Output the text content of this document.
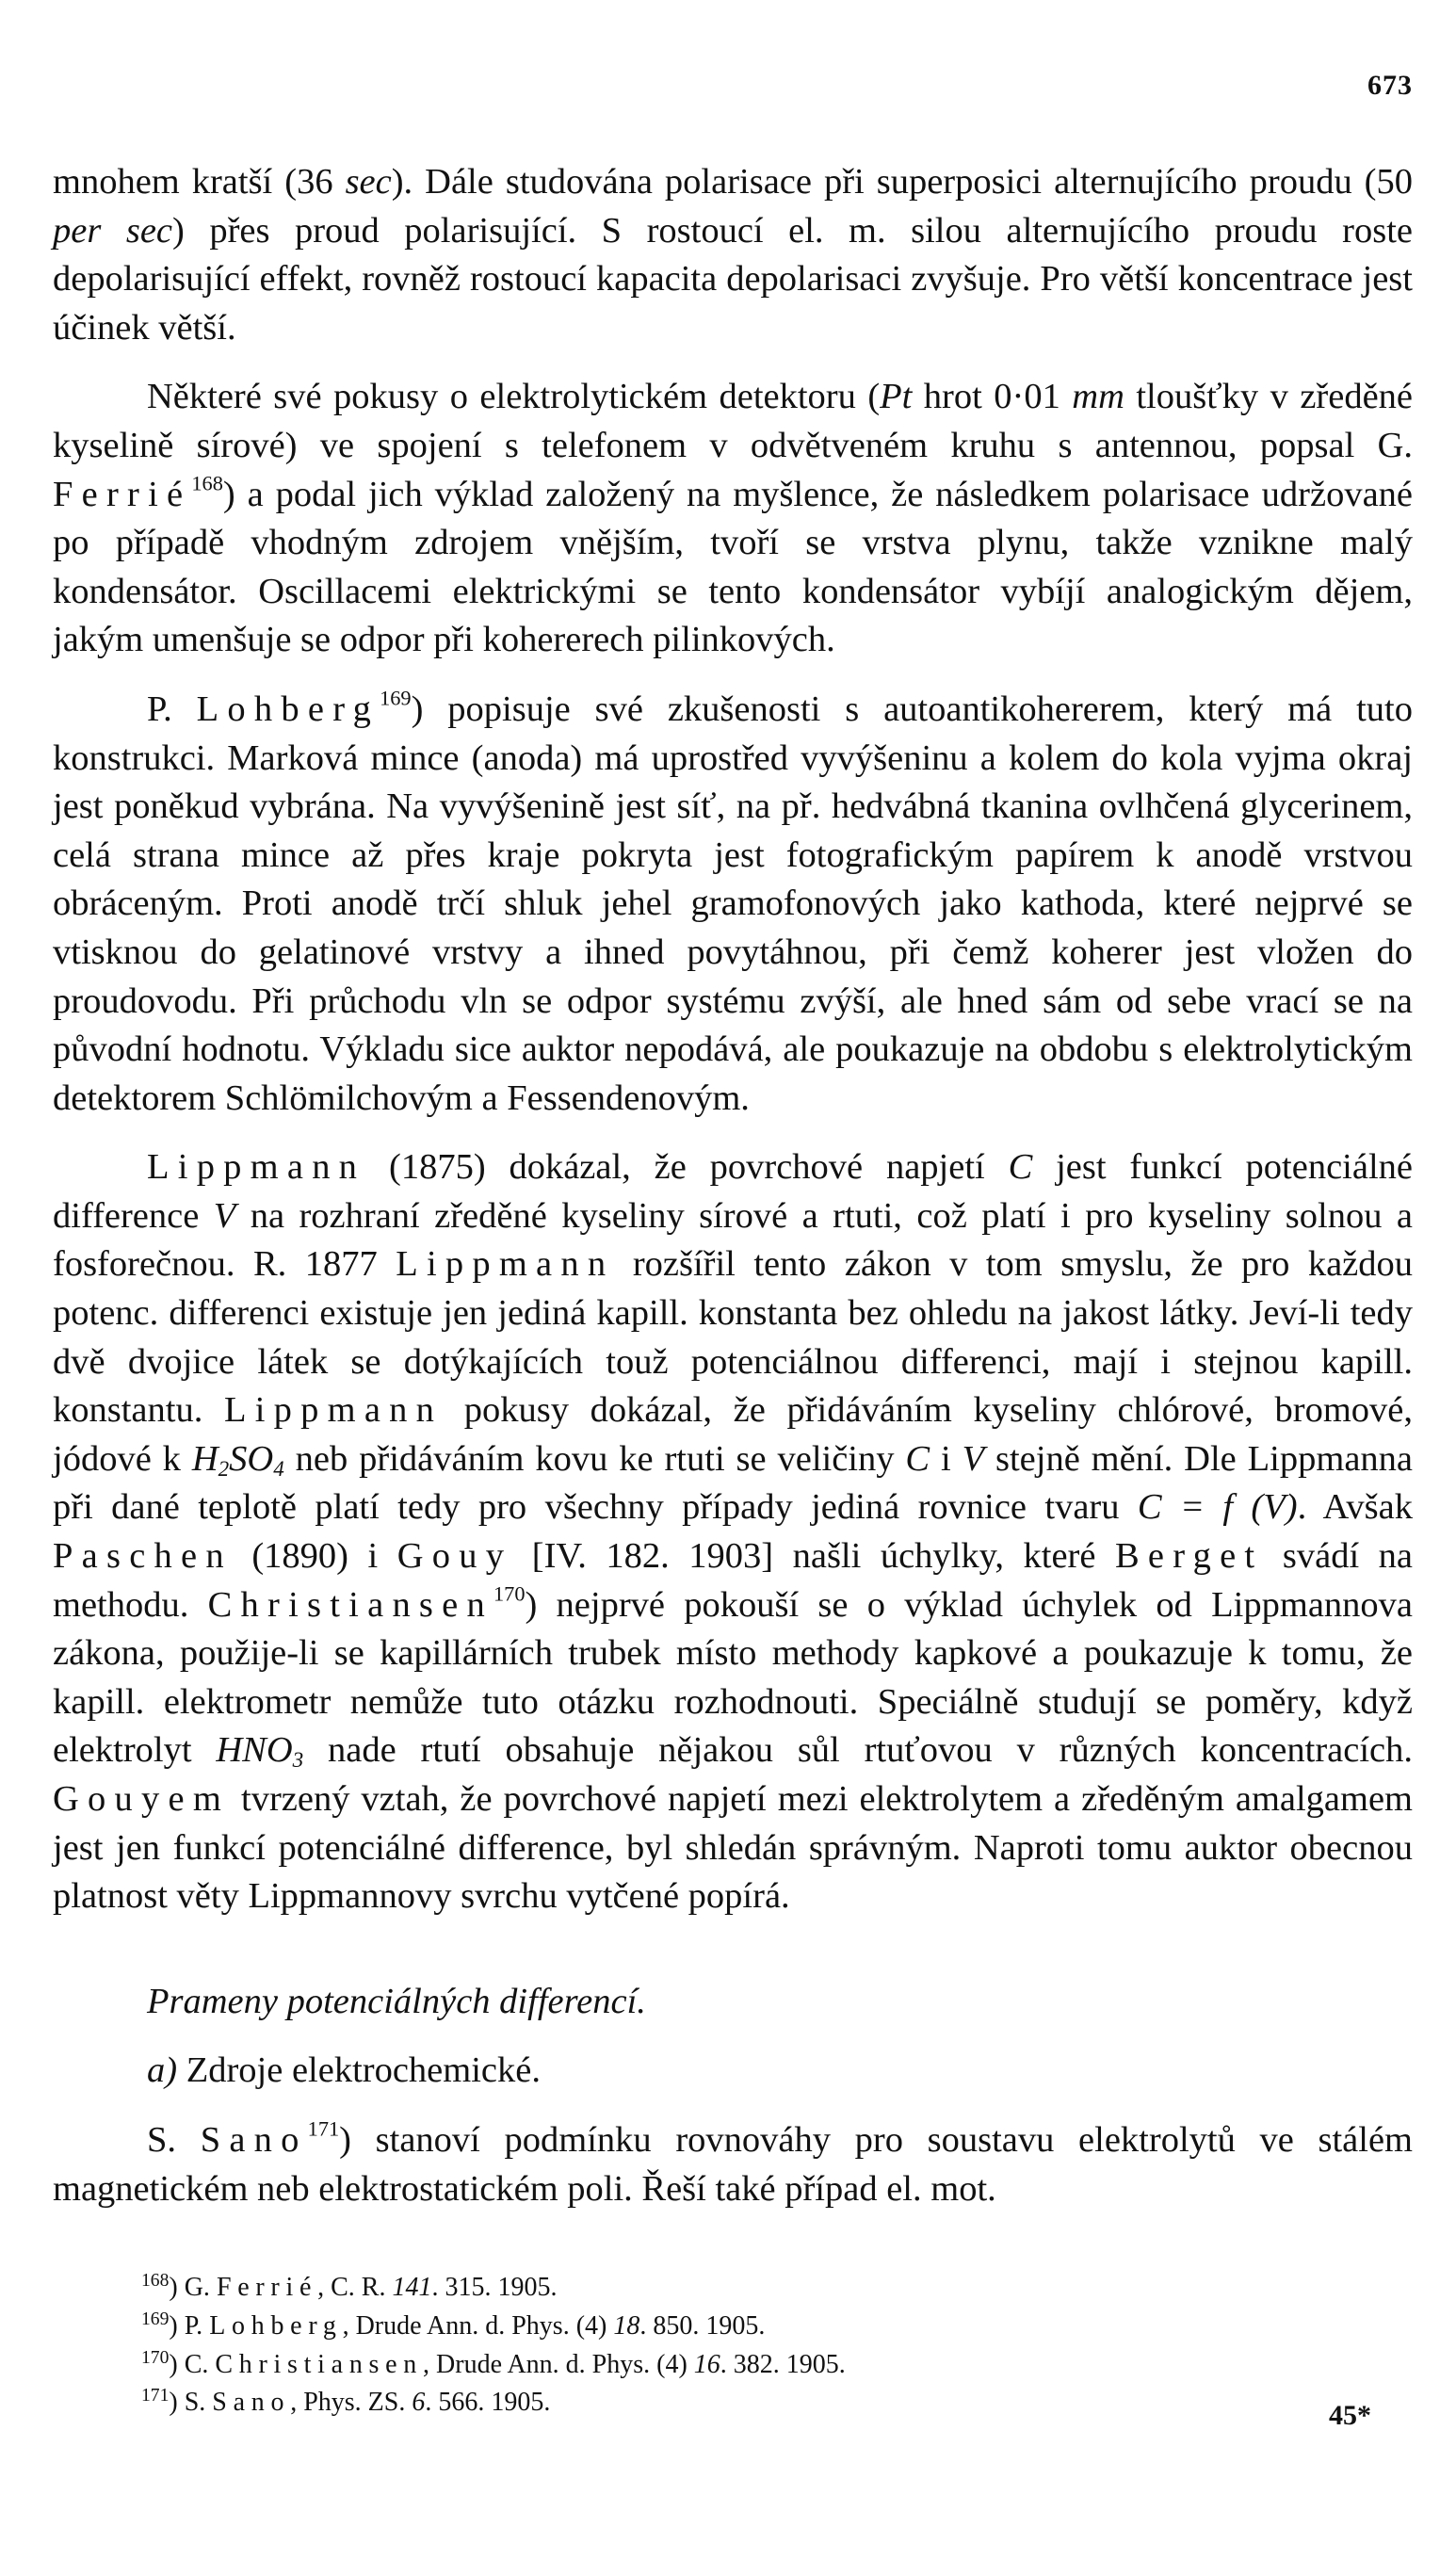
673

mnohem kratší (36 sec). Dále studována polarisace při superposici alternujícího proudu (50 per sec) přes proud polarisující. S rostoucí el. m. silou alternujícího proudu roste depolarisující effekt, rovněž rostoucí kapacita depolarisaci zvyšuje. Pro větší koncentrace jest účinek větší.

Některé své pokusy o elektrolytickém detektoru (Pt hrot 0·01 mm tloušťky v zředěné kyselině sírové) ve spojení s telefonem v odvětveném kruhu s antennou, popsal G. Ferrié$^{168}$) a podal jich výklad založený na myšlence, že následkem polarisace udržované po případě vhodným zdrojem vnějším, tvoří se vrstva plynu, takže vznikne malý kondensátor. Oscillacemi elektrickými se tento kondensátor vybíjí analogickým dějem, jakým umenšuje se odpor při kohererech pilinkových.

P. Lohberg$^{169}$) popisuje své zkušenosti s autoantikohererem, který má tuto konstrukci. Marková mince (anoda) má uprostřed vyvýšeninu a kolem do kola vyjma okraj jest poněkud vybrána. Na vyvýšenině jest síť, na př. hedvábná tkanina ovlhčená glycerinem, celá strana mince až přes kraje pokryta jest fotografickým papírem k anodě vrstvou obráceným. Proti anodě trčí shluk jehel gramofonových jako kathoda, které nejprvé se vtisknou do gelatinové vrstvy a ihned povytáhnou, při čemž koherer jest vložen do proudovodu. Při průchodu vln se odpor systému zvýší, ale hned sám od sebe vrací se na původní hodnotu. Výkladu sice auktor nepodává, ale poukazuje na obdobu s elektrolytickým detektorem Schlömilchovým a Fessendenovým.

Lippmann (1875) dokázal, že povrchové napjetí C jest funkcí potenciálné difference V na rozhraní zředěné kyseliny sírové a rtuti, což platí i pro kyseliny solnou a fosforečnou. R. 1877 Lippmann rozšířil tento zákon v tom smyslu, že pro každou potenc. differenci existuje jen jediná kapill. konstanta bez ohledu na jakost látky. Jeví-li tedy dvě dvojice látek se dotýkajících touž potenciálnou differenci, mají i stejnou kapill. konstantu. Lippmann pokusy dokázal, že přidáváním kyseliny chlórové, bromové, jódové k $H_2SO_4$ neb přidáváním kovu ke rtuti se veličiny C i V stejně mění. Dle Lippmanna při dané teplotě platí tedy pro všechny případy jediná rovnice tvaru C = f (V). Avšak Paschen (1890) i Gouy [IV. 182. 1903] našli úchylky, které Berget svádí na methodu. Christiansen$^{170}$) nejprvé pokouší se o výklad úchylek od Lippmannova zákona, použije-li se kapillárních trubek místo methody kapkové a poukazuje k tomu, že kapill. elektrometr nemůže tuto otázku rozhodnouti. Speciálně studují se poměry, když elektrolyt $HNO_3$ nade rtutí obsahuje nějakou sůl rtuťovou v různých koncentracích. Gouyem tvrzený vztah, že povrchové napjetí mezi elektrolytem a zředěným amalgamem jest jen funkcí potenciálné difference, byl shledán správným. Naproti tomu auktor obecnou platnost věty Lippmannovy svrchu vytčené popírá.

Prameny potenciálných differencí.

a) Zdroje elektrochemické.

S. Sano$^{171}$) stanoví podmínku rovnováhy pro soustavu elektrolytů ve stálém magnetickém neb elektrostatickém poli. Řeší také případ el. mot.

$^{168}$) G. Ferrié, C. R. 141. 315. 1905.
$^{169}$) P. Lohberg, Drude Ann. d. Phys. (4) 18. 850. 1905.
$^{170}$) C. Christiansen, Drude Ann. d. Phys. (4) 16. 382. 1905.
$^{171}$) S. Sano, Phys. ZS. 6. 566. 1905.	45*
